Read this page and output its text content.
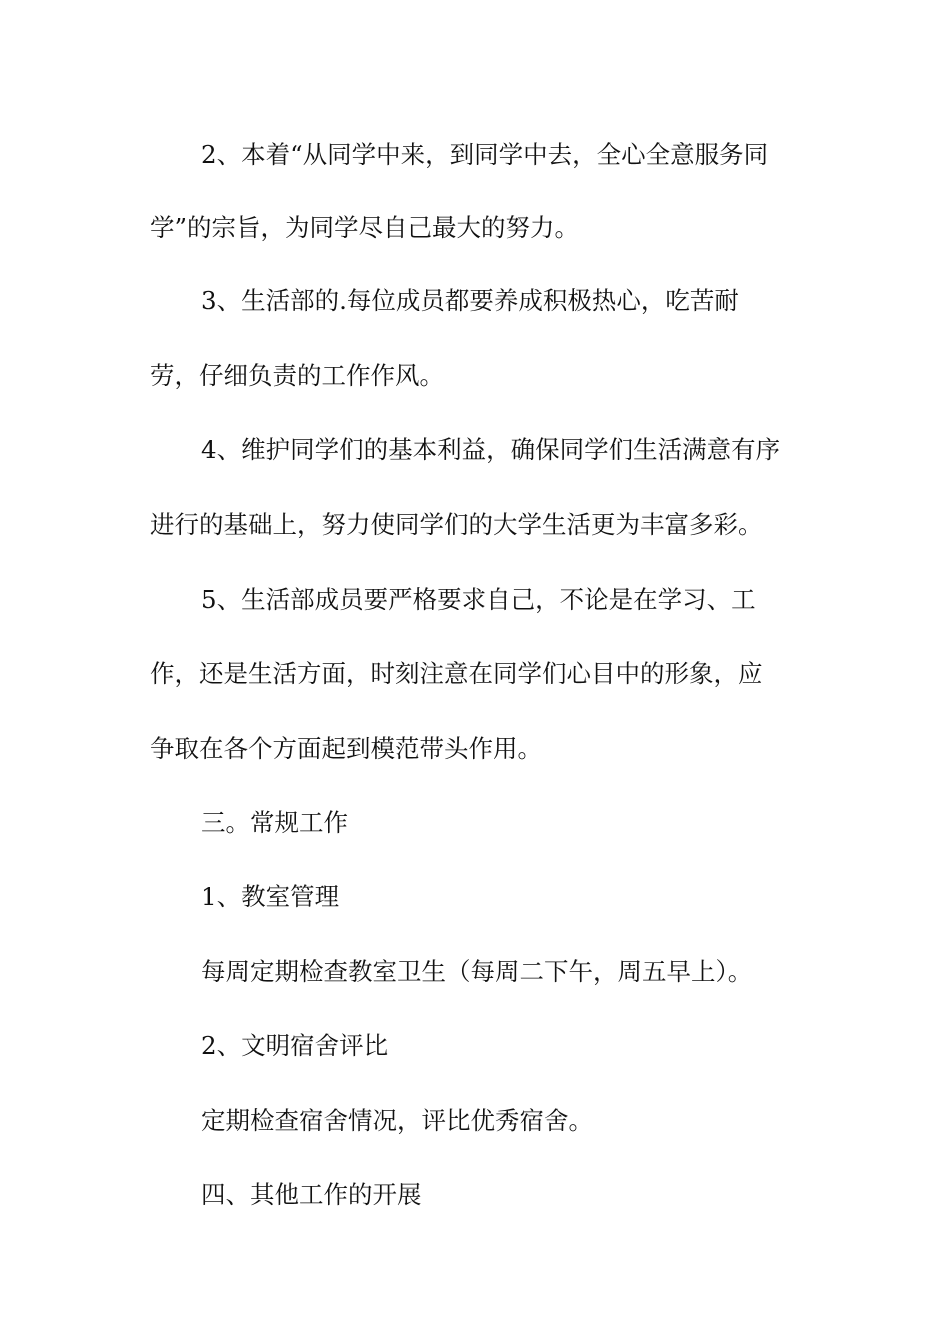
2、本着“从同学中来，到同学中去，全心全意服务同
学”的宗旨，为同学尽自己最大的努力。
3、生活部的.每位成员都要养成积极热心，吃苦耐
劳，仔细负责的工作作风。
4、维护同学们的基本利益，确保同学们生活满意有序
进行的基础上，努力使同学们的大学生活更为丰富多彩。
5、生活部成员要严格要求自己，不论是在学习、工
作，还是生活方面，时刻注意在同学们心目中的形象，应
争取在各个方面起到模范带头作用。
三。常规工作
1、教室管理
每周定期检查教室卫生（每周二下午，周五早上）。
2、文明宿舍评比
定期检查宿舍情况，评比优秀宿舍。
四、其他工作的开展
